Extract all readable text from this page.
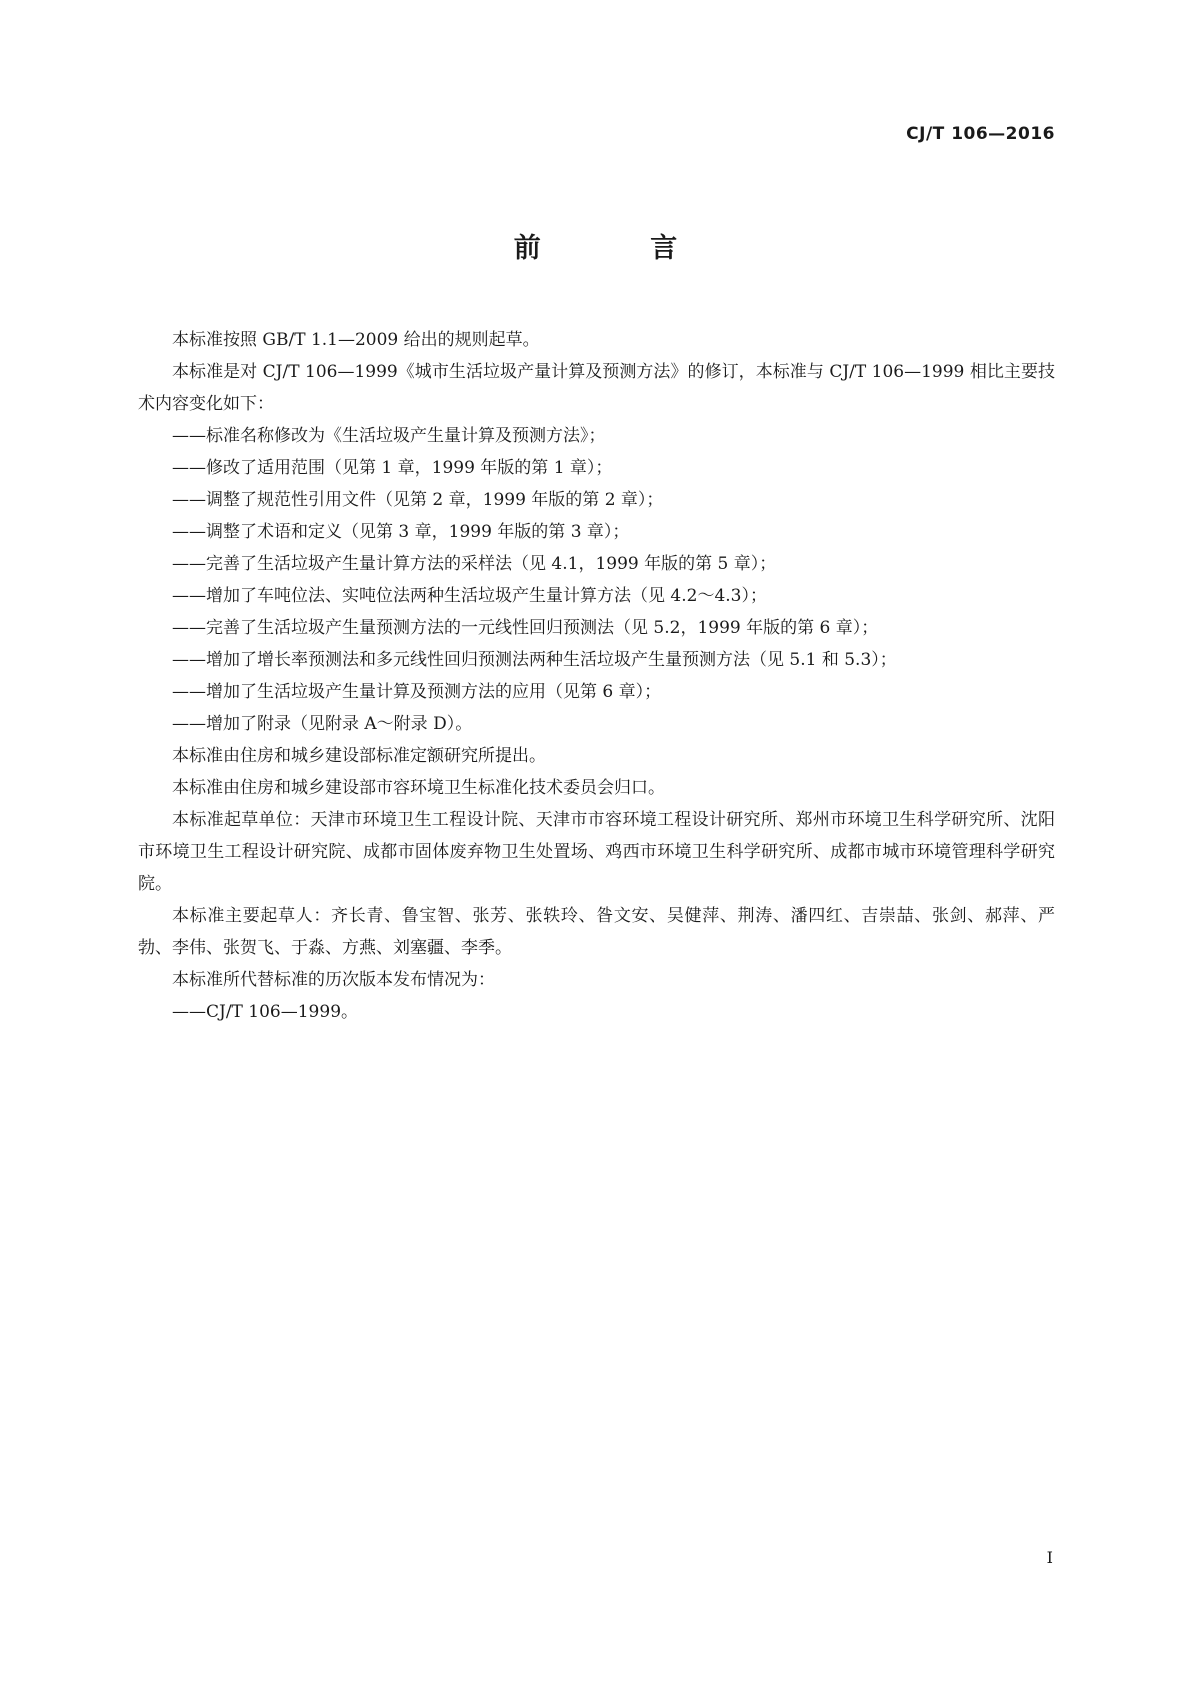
CJ/T 106—2016
前 言

本标准按照 GB/T 1.1—2009 给出的规则起草。

本标准是对 CJ/T 106—1999《城市生活垃圾产量计算及预测方法》的修订，本标准与 CJ/T 106—1999 相比主要技术内容变化如下：

——标准名称修改为《生活垃圾产生量计算及预测方法》；

——修改了适用范围（见第 1 章，1999 年版的第 1 章）；

——调整了规范性引用文件（见第 2 章，1999 年版的第 2 章）；

——调整了术语和定义（见第 3 章，1999 年版的第 3 章）；

——完善了生活垃圾产生量计算方法的采样法（见 4.1，1999 年版的第 5 章）；

——增加了车吨位法、实吨位法两种生活垃圾产生量计算方法（见 4.2～4.3）；

——完善了生活垃圾产生量预测方法的一元线性回归预测法（见 5.2，1999 年版的第 6 章）；

——增加了增长率预测法和多元线性回归预测法两种生活垃圾产生量预测方法（见 5.1 和 5.3）；

——增加了生活垃圾产生量计算及预测方法的应用（见第 6 章）；

——增加了附录（见附录 A～附录 D）。

本标准由住房和城乡建设部标准定额研究所提出。

本标准由住房和城乡建设部市容环境卫生标准化技术委员会归口。

本标准起草单位：天津市环境卫生工程设计院、天津市市容环境工程设计研究所、郑州市环境卫生科学研究所、沈阳市环境卫生工程设计研究院、成都市固体废弃物卫生处置场、鸡西市环境卫生科学研究所、成都市城市环境管理科学研究院。

本标准主要起草人：齐长青、鲁宝智、张芳、张轶玲、昝文安、吴健萍、荆涛、潘四红、吉崇喆、张剑、郝萍、严勃、李伟、张贺飞、于淼、方燕、刘塞疆、李季。

本标准所代替标准的历次版本发布情况为：

——CJ/T 106—1999。

I
